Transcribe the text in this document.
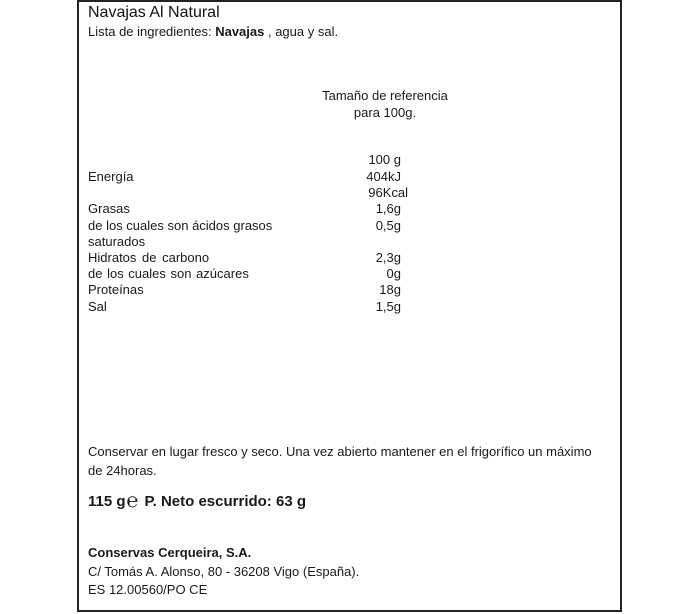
Navajas Al Natural
Lista de ingredientes: Navajas , agua y sal.
Tamaño de referencia
para 100g.
100 g
Energía	404kJ
96Kcal
Grasas	1,6g
de los cuales son ácidos grasos	0,5g
saturados
Hidratos de carbono	2,3g
de los cuales son azúcares	0g
Proteínas	18g
Sal	1,5g
Conservar en lugar fresco y seco. Una vez abierto mantener en el frigorífico un máximo de 24horas.
115 g℮ P. Neto escurrido: 63 g
Conservas Cerqueira, S.A.
C/ Tomás A. Alonso, 80 - 36208 Vigo (España).
ES 12.00560/PO CE
